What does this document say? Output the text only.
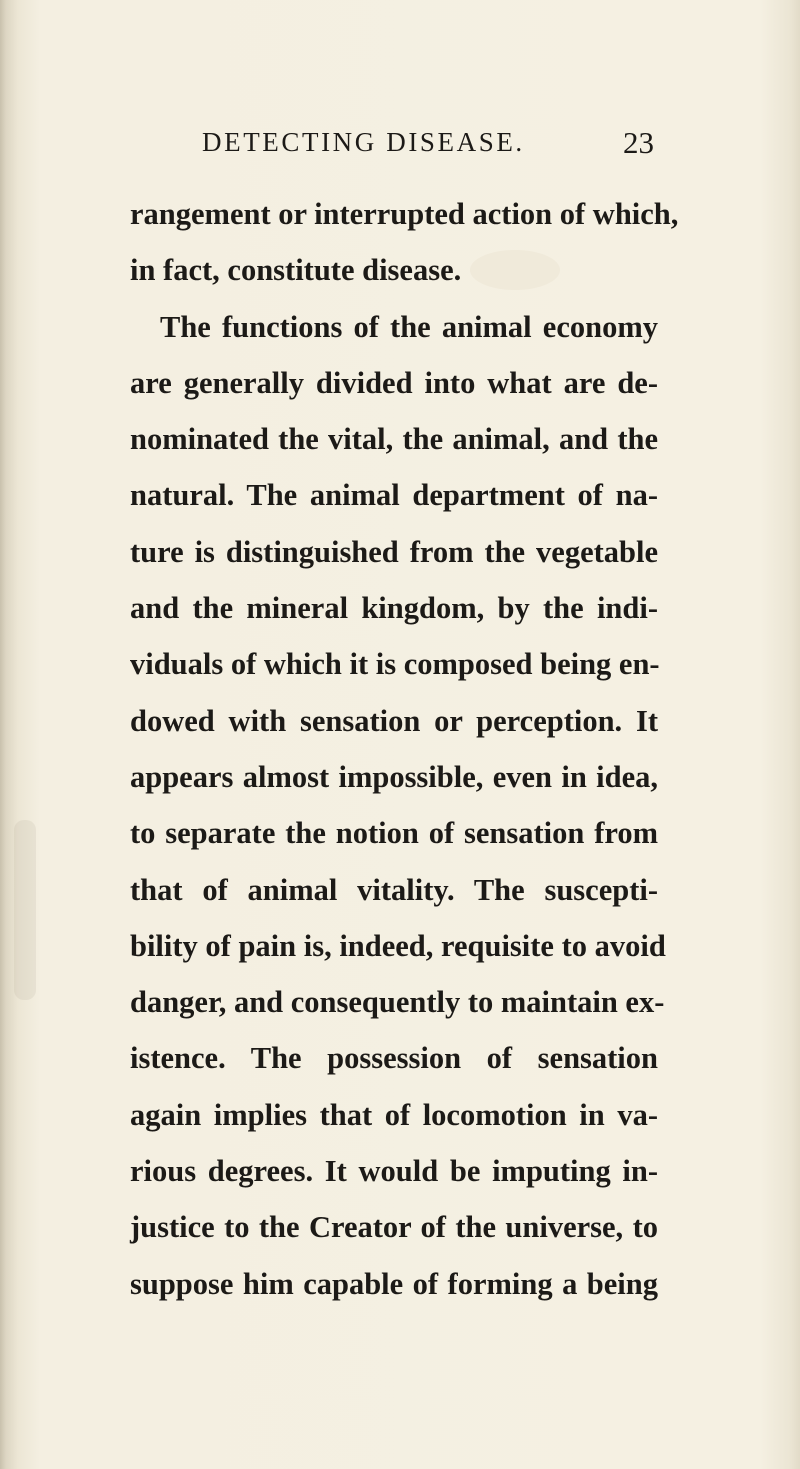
DETECTING DISEASE.	23
rangement or interrupted action of which,
in fact, constitute disease.
The functions of the animal economy
are generally divided into what are de-
nominated the vital, the animal, and the
natural. The animal department of na-
ture is distinguished from the vegetable
and the mineral kingdom, by the indi-
viduals of which it is composed being en-
dowed with sensation or perception. It
appears almost impossible, even in idea,
to separate the notion of sensation from
that of animal vitality. The suscepti-
bility of pain is, indeed, requisite to avoid
danger, and consequently to maintain ex-
istence. The possession of sensation
again implies that of locomotion in va-
rious degrees. It would be imputing in-
justice to the Creator of the universe, to
suppose him capable of forming a being
